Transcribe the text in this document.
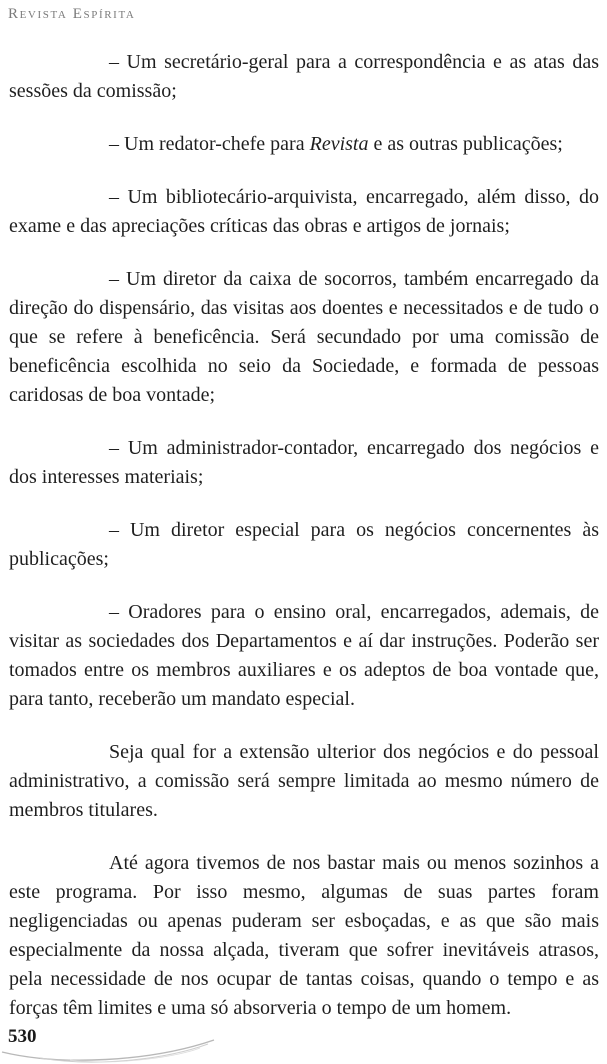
Revista Espírita

– Um secretário-geral para a correspondência e as atas das sessões da comissão;

– Um redator-chefe para Revista e as outras publicações;

– Um bibliotecário-arquivista, encarregado, além disso, do exame e das apreciações críticas das obras e artigos de jornais;

– Um diretor da caixa de socorros, também encarregado da direção do dispensário, das visitas aos doentes e necessitados e de tudo o que se refere à beneficência. Será secundado por uma comissão de beneficência escolhida no seio da Sociedade, e formada de pessoas caridosas de boa vontade;

– Um administrador-contador, encarregado dos negócios e dos interesses materiais;

– Um diretor especial para os negócios concernentes às publicações;

– Oradores para o ensino oral, encarregados, ademais, de visitar as sociedades dos Departamentos e aí dar instruções. Poderão ser tomados entre os membros auxiliares e os adeptos de boa vontade que, para tanto, receberão um mandato especial.

Seja qual for a extensão ulterior dos negócios e do pessoal administrativo, a comissão será sempre limitada ao mesmo número de membros titulares.

Até agora tivemos de nos bastar mais ou menos sozinhos a este programa. Por isso mesmo, algumas de suas partes foram negligenciadas ou apenas puderam ser esboçadas, e as que são mais especialmente da nossa alçada, tiveram que sofrer inevitáveis atrasos, pela necessidade de nos ocupar de tantas coisas, quando o tempo e as forças têm limites e uma só absorveria o tempo de um homem.

530
